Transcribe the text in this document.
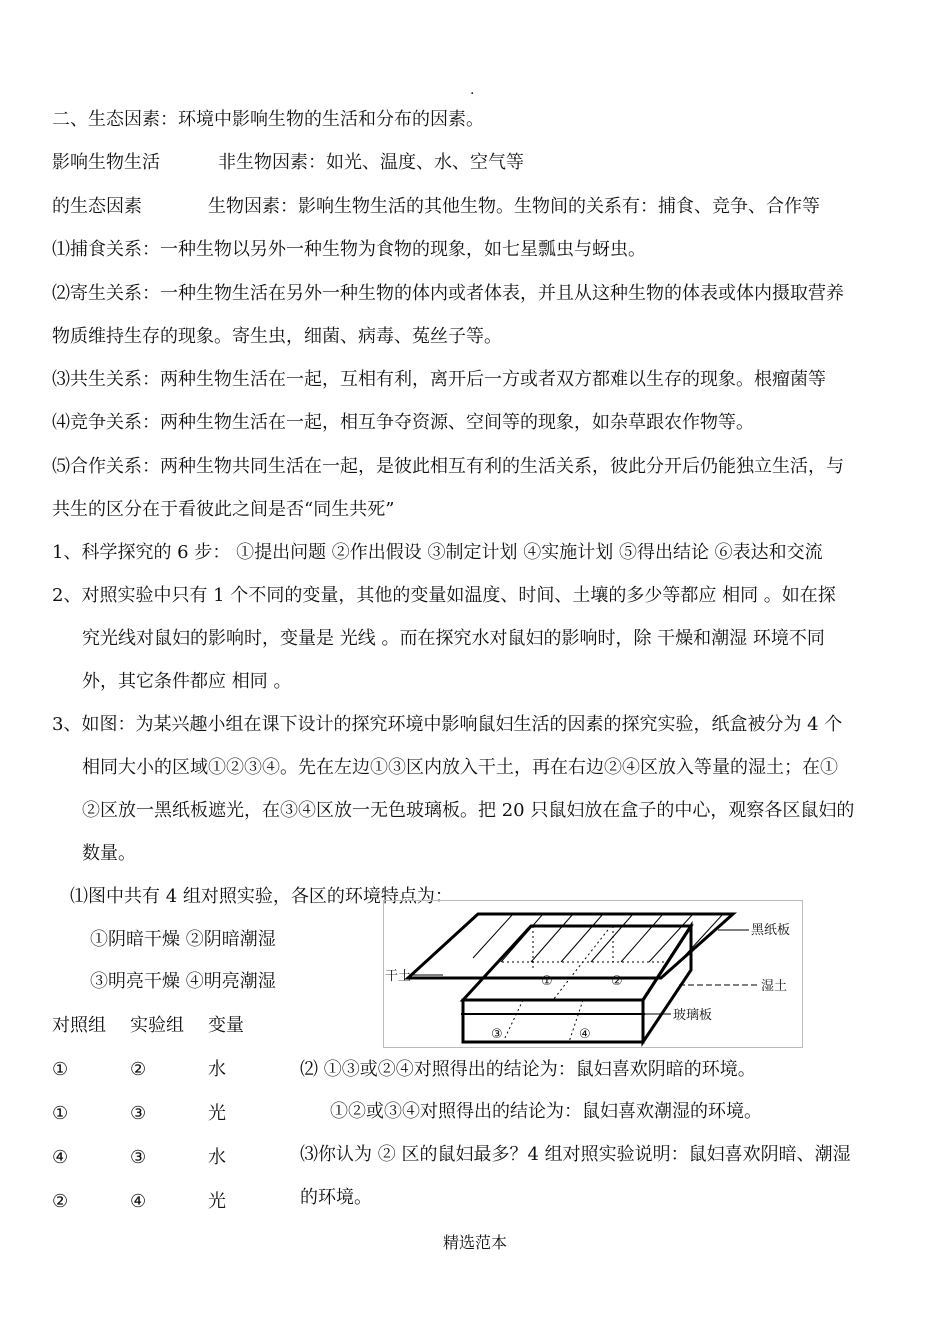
.
二、生态因素：环境中影响生物的生活和分布的因素。
影响生物生活	非生物因素：如光、温度、水、空气等
的生态因素	生物因素：影响生物生活的其他生物。生物间的关系有：捕食、竞争、合作等
⑴捕食关系：一种生物以另外一种生物为食物的现象，如七星瓢虫与蚜虫。
⑵寄生关系：一种生物生活在另外一种生物的体内或者体表，并且从这种生物的体表或体内摄取营养
物质维持生存的现象。寄生虫，细菌、病毒、菟丝子等。
⑶共生关系：两种生物生活在一起，互相有利，离开后一方或者双方都难以生存的现象。根瘤菌等
⑷竞争关系：两种生物生活在一起，相互争夺资源、空间等的现象，如杂草跟农作物等。
⑸合作关系：两种生物共同生活在一起，是彼此相互有利的生活关系，彼此分开后仍能独立生活，与
共生的区分在于看彼此之间是否“同生共死”
1、科学探究的 6 步： ①提出问题 ②作出假设 ③制定计划 ④实施计划 ⑤得出结论 ⑥表达和交流
2、对照实验中只有 1 个不同的变量，其他的变量如温度、时间、土壤的多少等都应 相同 。如在探
究光线对鼠妇的影响时，变量是 光线 。而在探究水对鼠妇的影响时，除 干燥和潮湿 环境不同
外，其它条件都应 相同 。
3、如图：为某兴趣小组在课下设计的探究环境中影响鼠妇生活的因素的探究实验，纸盒被分为 4 个
相同大小的区域①②③④。先在左边①③区内放入干土，再在右边②④区放入等量的湿土；在①
②区放一黑纸板遮光，在③④区放一无色玻璃板。把 20 只鼠妇放在盒子的中心，观察各区鼠妇的
数量。
⑴图中共有 4 组对照实验，各区的环境特点为：
①阴暗干燥 ②阴暗潮湿
③明亮干燥 ④明亮潮湿
对照组 实验组 变量
①	②	水
①	③	光
④	③	水
②	④	光
⑵ ①③或②④对照得出的结论为：鼠妇喜欢阴暗的环境。
①②或③④对照得出的结论为：鼠妇喜欢潮湿的环境。
⑶你认为 ② 区的鼠妇最多？4 组对照实验说明：鼠妇喜欢阴暗、潮湿
的环境。
①	②
③	④
黑纸板
干土
湿土
玻璃板
精选范本
